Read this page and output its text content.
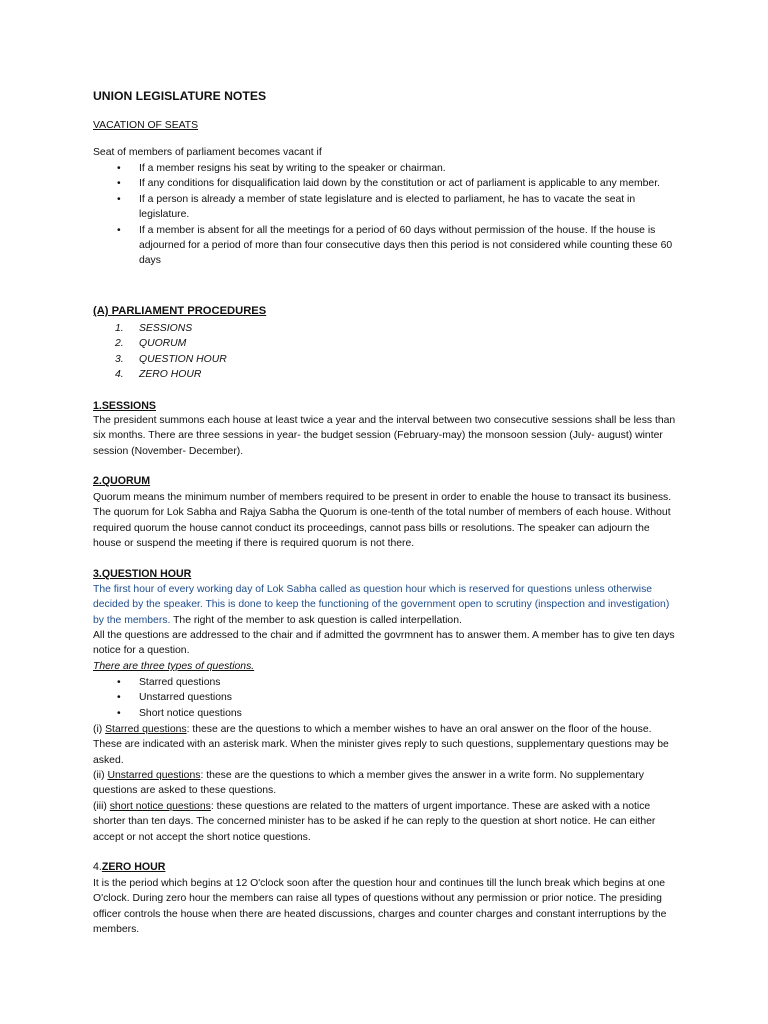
UNION LEGISLATURE NOTES

VACATION OF SEATS

Seat of members of parliament becomes vacant if

• If a member resigns his seat by writing to the speaker or chairman.
• If any conditions for disqualification laid down by the constitution or act of parliament is applicable to any member.
• If a person is already a member of state legislature and is elected to parliament, he has to vacate the seat in legislature.
• If a member is absent for all the meetings for a period of 60 days without permission of the house. If the house is adjourned for a period of more than four consecutive days then this period is not considered while counting these 60 days

(A) PARLIAMENT PROCEDURES

1. SESSIONS
2. QUORUM
3. QUESTION HOUR
4. ZERO HOUR

1.SESSIONS

The president summons each house at least twice a year and the interval between two consecutive sessions shall be less than six months. There are three sessions in year- the budget session (February-may) the monsoon session (July- august) winter session (November- December).

2.QUORUM

Quorum means the minimum number of members required to be present in order to enable the house to transact its business. The quorum for Lok Sabha and Rajya Sabha the Quorum is one-tenth of the total number of members of each house. Without required quorum the house cannot conduct its proceedings, cannot pass bills or resolutions. The speaker can adjourn the house or suspend the meeting if there is required quorum is not there.

3.QUESTION HOUR

The first hour of every working day of Lok Sabha called as question hour which is reserved for questions unless otherwise decided by the speaker. This is done to keep the functioning of the government open to scrutiny (inspection and investigation) by the members. The right of the member to ask question is called interpellation.

All the questions are addressed to the chair and if admitted the govrmnent has to answer them. A member has to give ten days notice for a question.

There are three types of questions.

• Starred questions
• Unstarred questions
• Short notice questions

(i) Starred questions: these are the questions to which a member wishes to have an oral answer on the floor of the house. These are indicated with an asterisk mark. When the minister gives reply to such questions, supplementary questions may be asked.

(ii) Unstarred questions: these are the questions to which a member gives the answer in a write form. No supplementary questions are asked to these questions.

(iii) short notice questions: these questions are related to the matters of urgent importance. These are asked with a notice shorter than ten days. The concerned minister has to be asked if he can reply to the question at short notice. He can either accept or not accept the short notice questions.

4.ZERO HOUR

It is the period which begins at 12 O'clock soon after the question hour and continues till the lunch break which begins at one O'clock. During zero hour the members can raise all types of questions without any permission or prior notice. The presiding officer controls the house when there are heated discussions, charges and counter charges and constant interruptions by the members.
